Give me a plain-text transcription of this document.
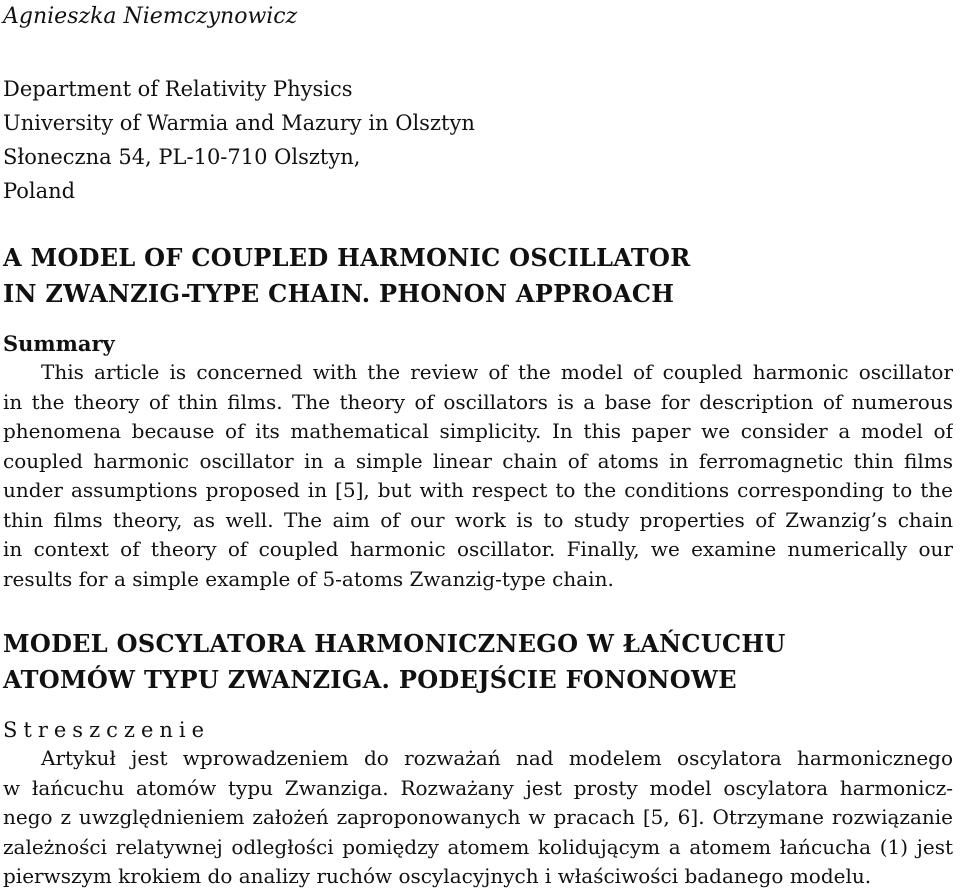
Agnieszka Niemczynowicz
Department of Relativity Physics
University of Warmia and Mazury in Olsztyn
Słoneczna 54, PL-10-710 Olsztyn,
Poland
A MODEL OF COUPLED HARMONIC OSCILLATOR
IN ZWANZIG-TYPE CHAIN. PHONON APPROACH
Summary
This article is concerned with the review of the model of coupled harmonic oscillator
in the theory of thin films. The theory of oscillators is a base for description of numerous
phenomena because of its mathematical simplicity. In this paper we consider a model of
coupled harmonic oscillator in a simple linear chain of atoms in ferromagnetic thin films
under assumptions proposed in [5], but with respect to the conditions corresponding to the
thin films theory, as well. The aim of our work is to study properties of Zwanzig’s chain
in context of theory of coupled harmonic oscillator. Finally, we examine numerically our
results for a simple example of 5-atoms Zwanzig-type chain.
MODEL OSCYLATORA HARMONICZNEGO W ŁAŃCUCHU
ATOMÓW TYPU ZWANZIGA. PODEJŚCIE FONONOWE
Streszczenie
Artykuł jest wprowadzeniem do rozważań nad modelem oscylatora harmonicznego
w łańcuchu atomów typu Zwanziga. Rozważany jest prosty model oscylatora harmonicz-
nego z uwzględnieniem założeń zaproponowanych w pracach [5, 6]. Otrzymane rozwiązanie
zależności relatywnej odległości pomiędzy atomem kolidującym a atomem łańcucha (1) jest
pierwszym krokiem do analizy ruchów oscylacyjnych i właściwości badanego modelu.
